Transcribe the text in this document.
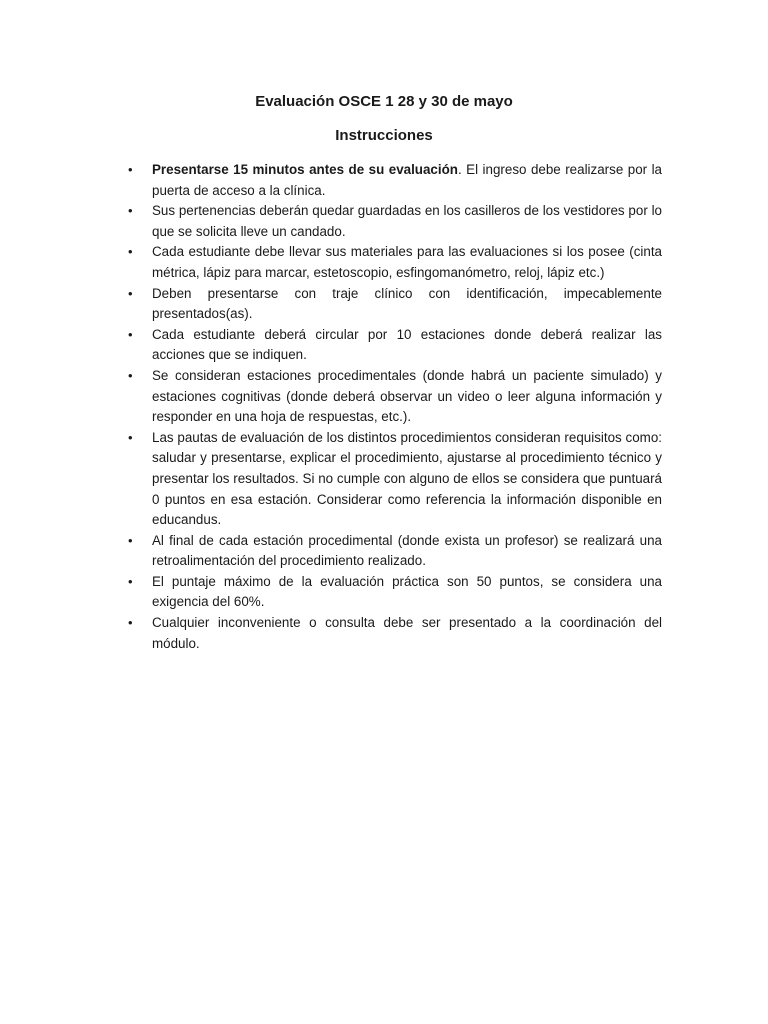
Evaluación OSCE 1 28 y 30 de mayo
Instrucciones
• Presentarse 15 minutos antes de su evaluación. El ingreso debe realizarse por la puerta de acceso a la clínica.
• Sus pertenencias deberán quedar guardadas en los casilleros de los vestidores por lo que se solicita lleve un candado.
• Cada estudiante debe llevar sus materiales para las evaluaciones si los posee (cinta métrica, lápiz para marcar, estetoscopio, esfingomanómetro, reloj, lápiz etc.)
• Deben presentarse con traje clínico con identificación, impecablemente presentados(as).
• Cada estudiante deberá circular por 10 estaciones donde deberá realizar las acciones que se indiquen.
• Se consideran estaciones procedimentales (donde habrá un paciente simulado) y estaciones cognitivas (donde deberá observar un video o leer alguna información y responder en una hoja de respuestas, etc.).
• Las pautas de evaluación de los distintos procedimientos consideran requisitos como: saludar y presentarse, explicar el procedimiento, ajustarse al procedimiento técnico y presentar los resultados. Si no cumple con alguno de ellos se considera que puntuará 0 puntos en esa estación. Considerar como referencia la información disponible en educandus.
• Al final de cada estación procedimental (donde exista un profesor) se realizará una retroalimentación del procedimiento realizado.
• El puntaje máximo de la evaluación práctica son 50 puntos, se considera una exigencia del 60%.
• Cualquier inconveniente o consulta debe ser presentado a la coordinación del módulo.
